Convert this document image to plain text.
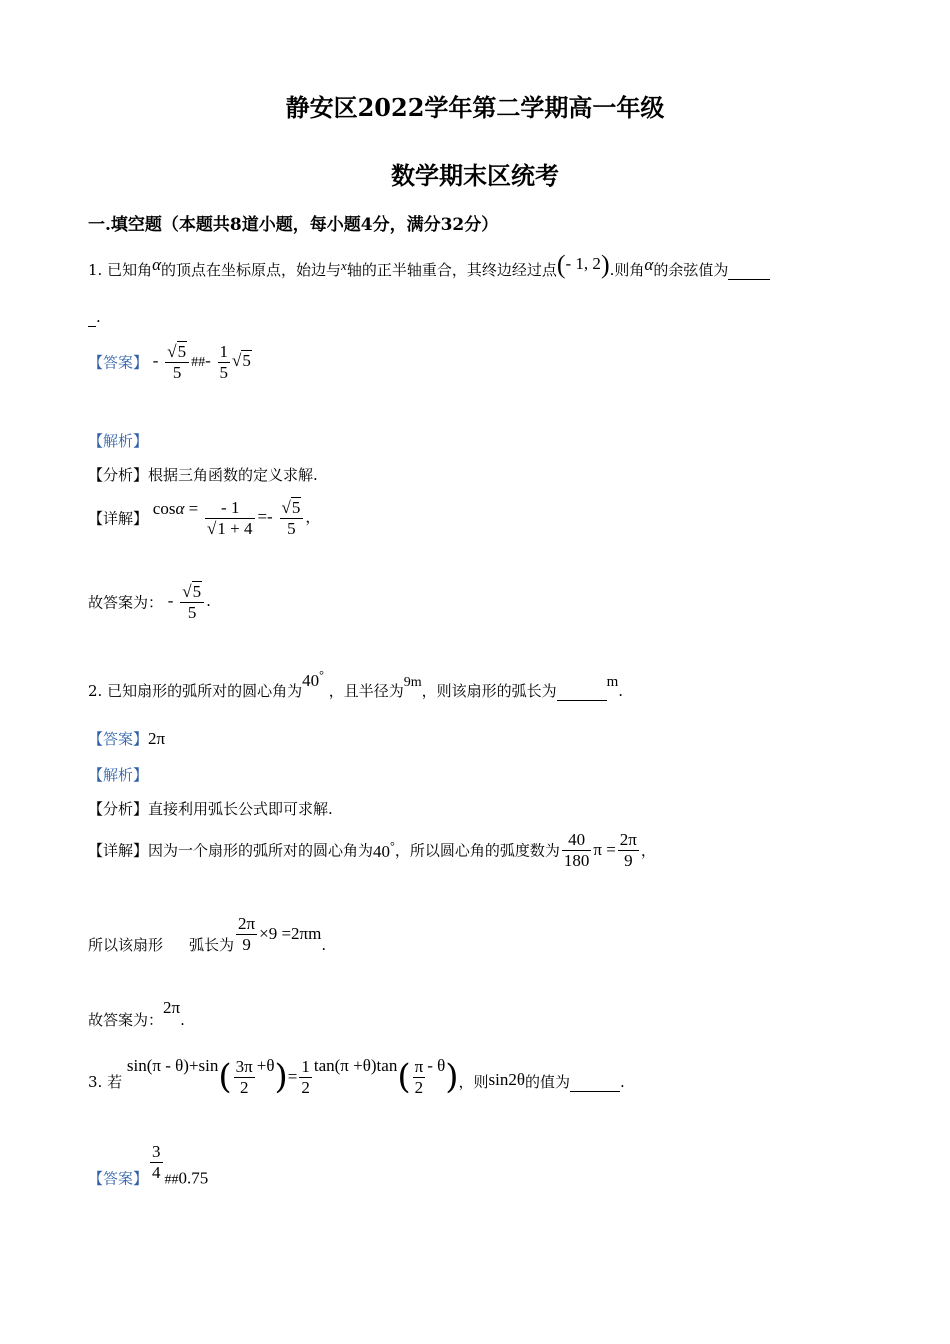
静安区2022学年第二学期高一年级
数学期末区统考
一.填空题（本题共8道小题，每小题4分，满分32分）
1. 已知角α的顶点在坐标原点，始边与x轴的正半轴重合，其终边经过点(- 1, 2).则角α的余弦值为
.
【答案】 - $\frac{√5}{5}$ ##- $\frac{1}{5} √5$
【解析】
【分析】根据三角函数的定义求解.
【详解】 $\cos\alpha = \frac{- 1}{√1 + 4} =- \frac{√5}{5}$ ，
故答案为： - $\frac{√5}{5}$ .
2. 已知扇形的弧所对的圆心角为40° ，且半径为9m，则该扇形的弧长为	m.
【答案】2π
【解析】
【分析】直接利用弧长公式即可求解.
【详解】因为一个扇形的弧所对的圆心角为40°，所以圆心角的弧度数为 $\frac{40}{180}$ $\pi = \frac{2\pi}{9}$ ，
所以该扇形 弧长为 $\frac{2\pi}{9} \times 9 =2\pi m$.
故答案为：2π.
3. 若 $\sin(\pi - \theta)+\sin( \frac{3\pi}{2} +\theta)= \frac{1}{2} \tan(\pi +\theta)\tan( \frac{\pi}{2} - \theta)$，则sin2θ的值为	.
【答案】 $\frac{3}{4}$ ##0.75
